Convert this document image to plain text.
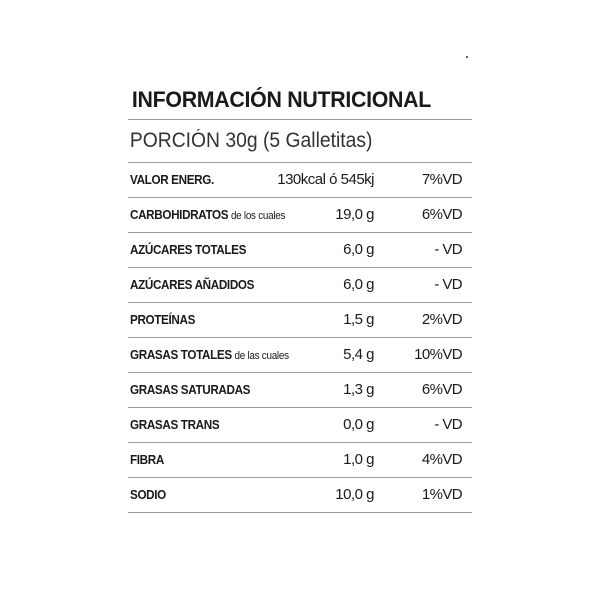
INFORMACIÓN NUTRICIONAL
PORCIÓN 30g (5 Galletitas)
VALOR ENERG.	130kcal ó 545kj	7%VD
CARBOHIDRATOS de los cuales	19,0 g	6%VD
AZÚCARES TOTALES	6,0 g	- VD
AZÚCARES AÑADIDOS	6,0 g	- VD
PROTEÍNAS	1,5 g	2%VD
GRASAS TOTALES de las cuales	5,4 g	10%VD
GRASAS SATURADAS	1,3 g	6%VD
GRASAS TRANS	0,0 g	- VD
FIBRA	1,0 g	4%VD
SODIO	10,0 g	1%VD
